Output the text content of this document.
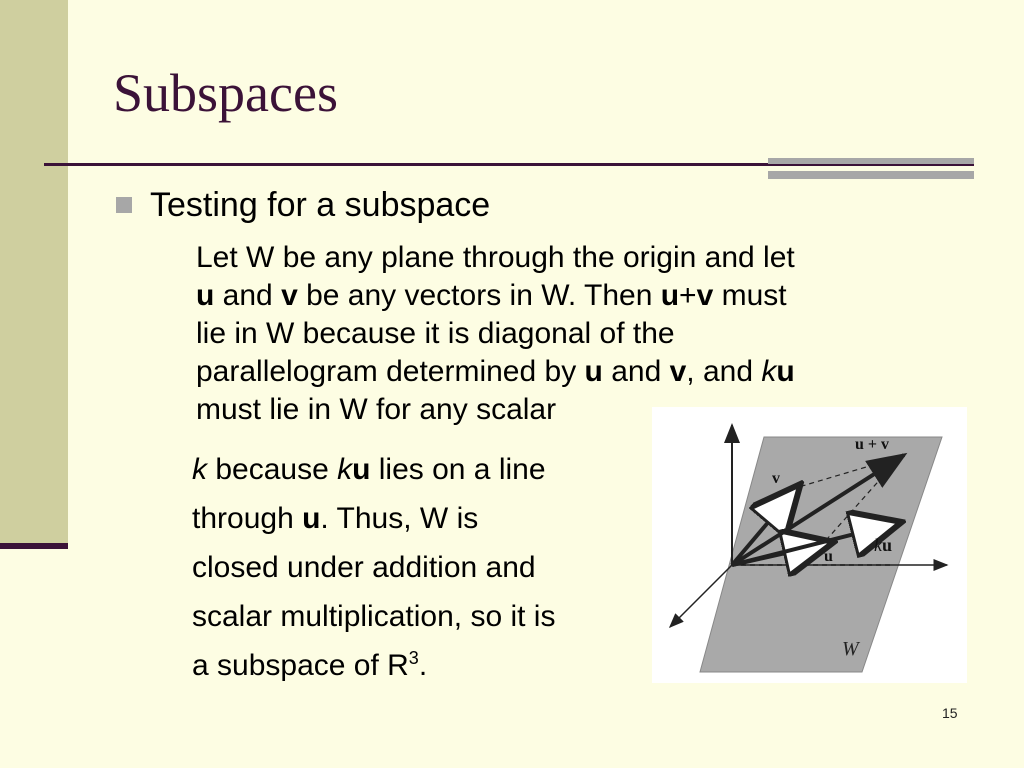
Subspaces
Testing for a subspace
Let W be any plane through the origin and let
u and v be any vectors in W. Then u+v must
lie in W because it is diagonal of the
parallelogram determined by u and v, and ku
must lie in W for any scalar
k because ku lies on a line
through u. Thus, W is
closed under addition and
scalar multiplication, so it is
a subspace of $R^3$.
u + v
v
u
ku
W
15
